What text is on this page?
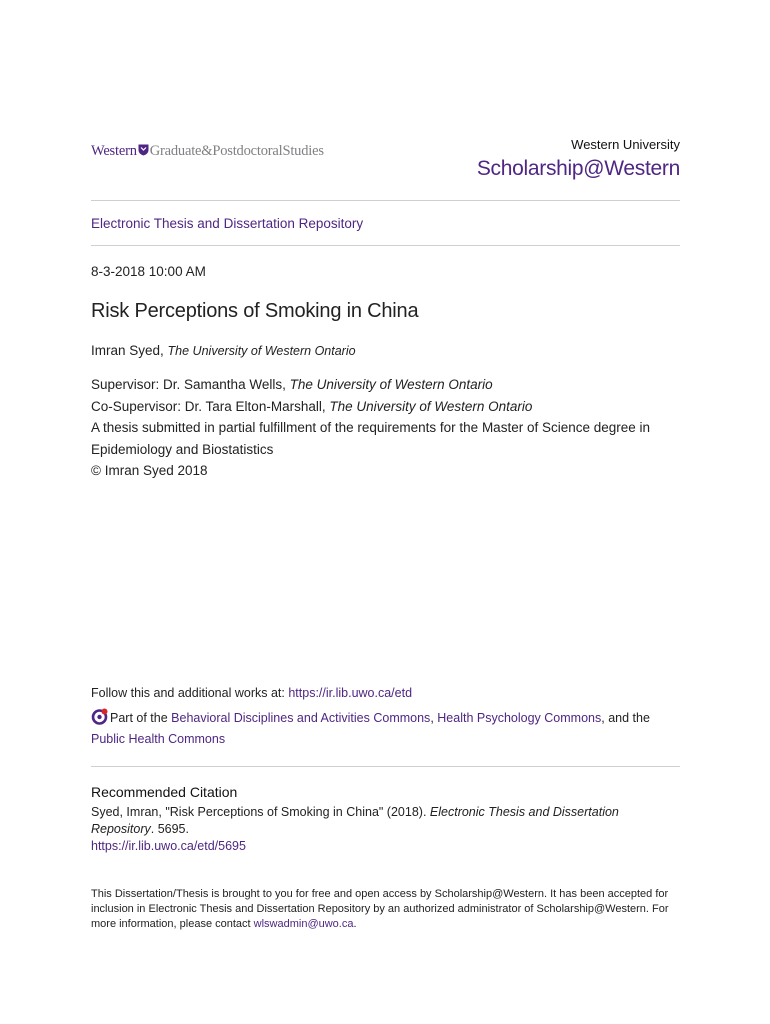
Western Graduate&PostdoctoralStudies	Western University
Scholarship@Western
Electronic Thesis and Dissertation Repository
8-3-2018 10:00 AM
Risk Perceptions of Smoking in China
Imran Syed, The University of Western Ontario
Supervisor: Dr. Samantha Wells, The University of Western Ontario
Co-Supervisor: Dr. Tara Elton-Marshall, The University of Western Ontario
A thesis submitted in partial fulfillment of the requirements for the Master of Science degree in Epidemiology and Biostatistics
© Imran Syed 2018
Follow this and additional works at: https://ir.lib.uwo.ca/etd
Part of the Behavioral Disciplines and Activities Commons, Health Psychology Commons, and the
Public Health Commons
Recommended Citation
Syed, Imran, "Risk Perceptions of Smoking in China" (2018). Electronic Thesis and Dissertation Repository. 5695.
https://ir.lib.uwo.ca/etd/5695
This Dissertation/Thesis is brought to you for free and open access by Scholarship@Western. It has been accepted for inclusion in Electronic Thesis and Dissertation Repository by an authorized administrator of Scholarship@Western. For more information, please contact wlswadmin@uwo.ca.
